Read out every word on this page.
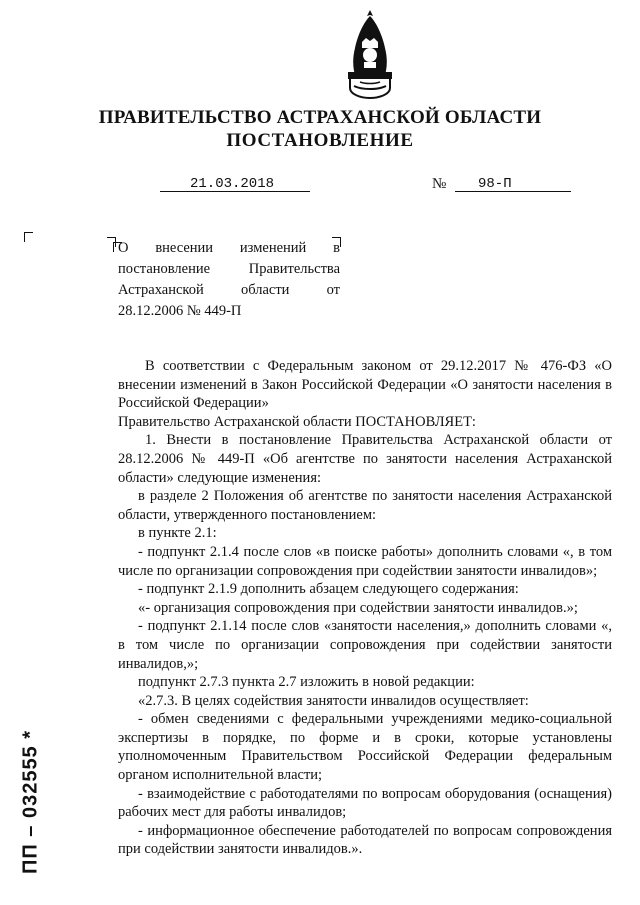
ПРАВИТЕЛЬСТВО АСТРАХАНСКОЙ ОБЛАСТИ
ПОСТАНОВЛЕНИЕ
21.03.2018	№ 98-П
О внесении изменений в постановление Правительства Астраханской области от 28.12.2006 № 449-П

В соответствии с Федеральным законом от 29.12.2017 № 476-ФЗ «О внесении изменений в Закон Российской Федерации «О занятости населения в Российской Федерации»

Правительство Астраханской области ПОСТАНОВЛЯЕТ:

1. Внести в постановление Правительства Астраханской области от 28.12.2006 № 449-П «Об агентстве по занятости населения Астраханской области» следующие изменения:

в разделе 2 Положения об агентстве по занятости населения Астраханской области, утвержденного постановлением:

в пункте 2.1:

- подпункт 2.1.4 после слов «в поиске работы» дополнить словами «, в том числе по организации сопровождения при содействии занятости инвалидов»;

- подпункт 2.1.9 дополнить абзацем следующего содержания:

«- организация сопровождения при содействии занятости инвалидов.»;

- подпункт 2.1.14 после слов «занятости населения,» дополнить словами «, в том числе по организации сопровождения при содействии занятости инвалидов,»;

подпункт 2.7.3 пункта 2.7 изложить в новой редакции:

«2.7.3. В целях содействия занятости инвалидов осуществляет:

- обмен сведениями с федеральными учреждениями медико-социальной экспертизы в порядке, по форме и в сроки, которые установлены уполномоченным Правительством Российской Федерации федеральным органом исполнительной власти;

- взаимодействие с работодателями по вопросам оборудования (оснащения) рабочих мест для работы инвалидов;

- информационное обеспечение работодателей по вопросам сопровождения при содействии занятости инвалидов.».

ПП – 032555 *
